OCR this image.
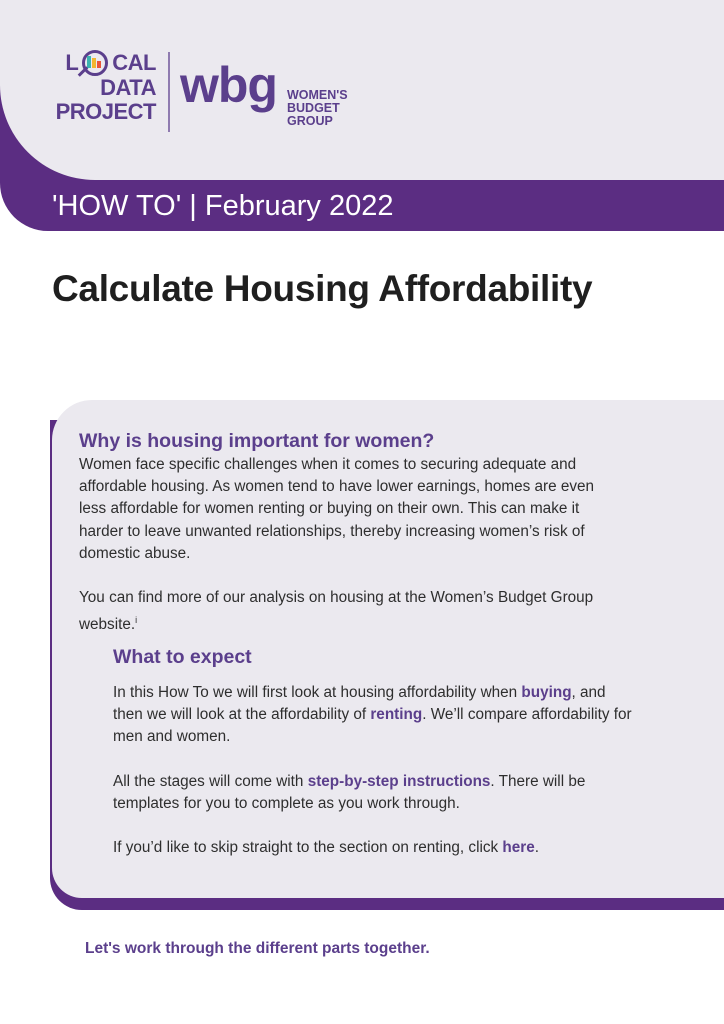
L CAL
DATA
PROJECT wbg WOMEN'S
BUDGET
GROUP
'HOW TO' | February 2022
Calculate Housing Affordability
Why is housing important for women?

Women face specific challenges when it comes to securing adequate and affordable housing. As women tend to have lower earnings, homes are even less affordable for women renting or buying on their own. This can make it harder to leave unwanted relationships, thereby increasing women’s risk of domestic abuse.

You can find more of our analysis on housing at the Women’s Budget Group website.$^i$

What to expect

In this How To we will first look at housing affordability when buying, and then we will look at the affordability of renting. We’ll compare affordability for men and women.

All the stages will come with step-by-step instructions. There will be templates for you to complete as you work through.

If you’d like to skip straight to the section on renting, click here.

Let's work through the different parts together.
